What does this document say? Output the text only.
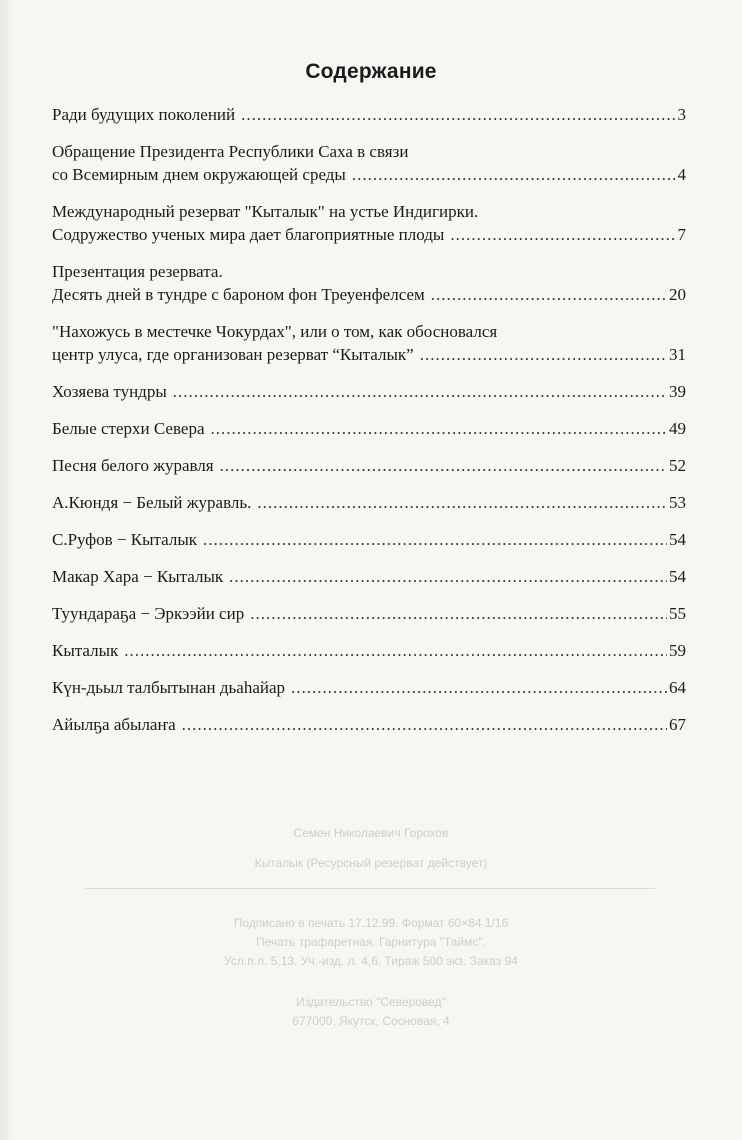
Содержание
Ради будущих поколений .....	3
Обращение Президента Республики Саха в связи
со Всемирным днем окружающей среды .....	4
Международный резерват "Кыталык" на устье Индигирки.
Содружество ученых мира дает благоприятные плоды .....	7
Презентация резервата.
Десять дней в тундре с бароном фон Треуенфелсем .....	20
"Нахожусь в местечке Чокурдах", или о том, как обосновался
центр улуса, где организован резерват “Кыталык” .....	31
Хозяева тундры .....	39
Белые стерхи Севера .....	49
Песня белого журавля .....	52
А.Кюндя − Белый журавль. .....	53
С.Руфов − Кыталык .....	54
Макар Хара − Кыталык .....	54
Туундараҕа − Эркээйи сир .....	55
Кыталык .....	59
Күн-дьыл талбытынан дьаһайар .....	64
Айылҕа абылаҥа .....	67
Семен Николаевич Горохов
Кыталык (Ресурсный резерват действует)
Подписано в печать 17.12.99. Формат 60×84 1/16
Печать трафаретная. Гарнитура "Таймс".
Усл.п.л. 5,13. Уч.-изд. л. 4,6. Тираж 500 экз. Заказ 94
Издательство "Северовед"
677000, Якутск, Сосновая, 4
